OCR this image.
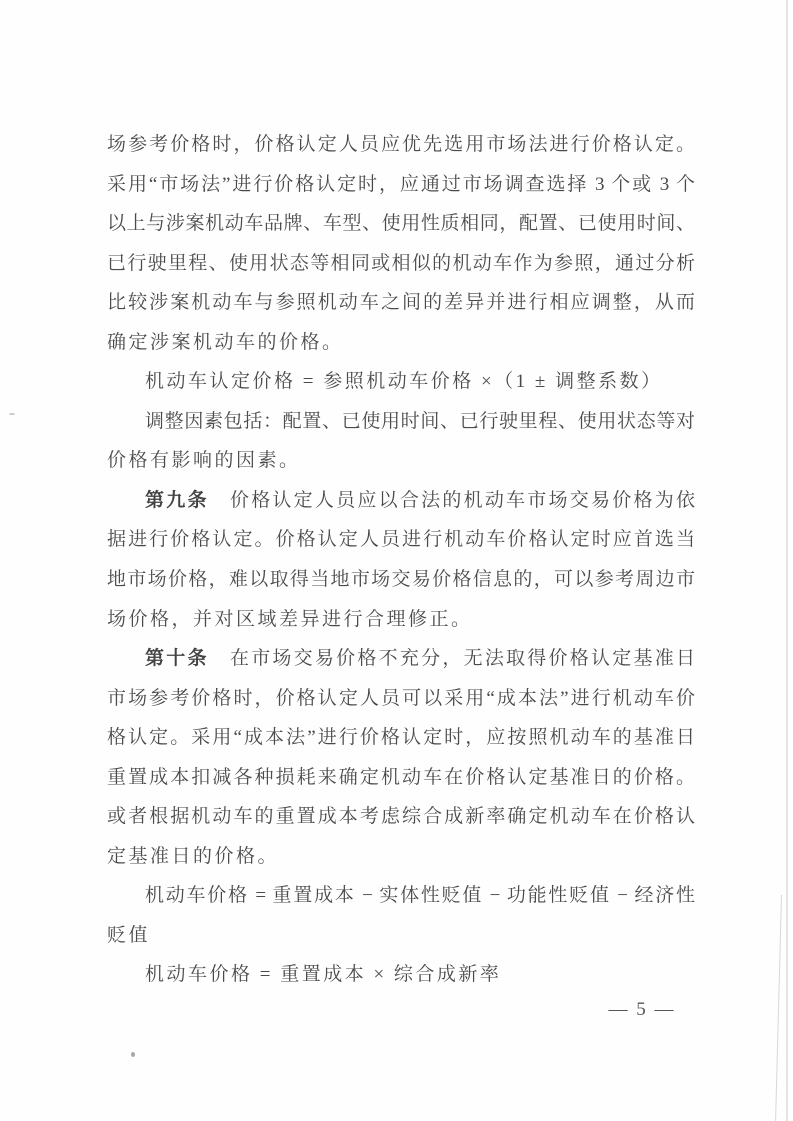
场参考价格时，价格认定人员应优先选用市场法进行价格认定。
采用“市场法”进行价格认定时，应通过市场调查选择 3 个或 3 个
以上与涉案机动车品牌、车型、使用性质相同，配置、已使用时间、
已行驶里程、使用状态等相同或相似的机动车作为参照，通过分析
比较涉案机动车与参照机动车之间的差异并进行相应调整，从而
确定涉案机动车的价格。
机动车认定价格 = 参照机动车价格 ×（1 ± 调整系数）
调整因素包括：配置、已使用时间、已行驶里程、使用状态等对
价格有影响的因素。
第九条　价格认定人员应以合法的机动车市场交易价格为依
据进行价格认定。价格认定人员进行机动车价格认定时应首选当
地市场价格，难以取得当地市场交易价格信息的，可以参考周边市
场价格，并对区域差异进行合理修正。
第十条　在市场交易价格不充分，无法取得价格认定基准日
市场参考价格时，价格认定人员可以采用“成本法”进行机动车价
格认定。采用“成本法”进行价格认定时，应按照机动车的基准日
重置成本扣减各种损耗来确定机动车在价格认定基准日的价格。
或者根据机动车的重置成本考虑综合成新率确定机动车在价格认
定基准日的价格。
机动车价格 = 重置成本 − 实体性贬值 − 功能性贬值 − 经济性
贬值
机动车价格 = 重置成本 × 综合成新率
— 5 —
